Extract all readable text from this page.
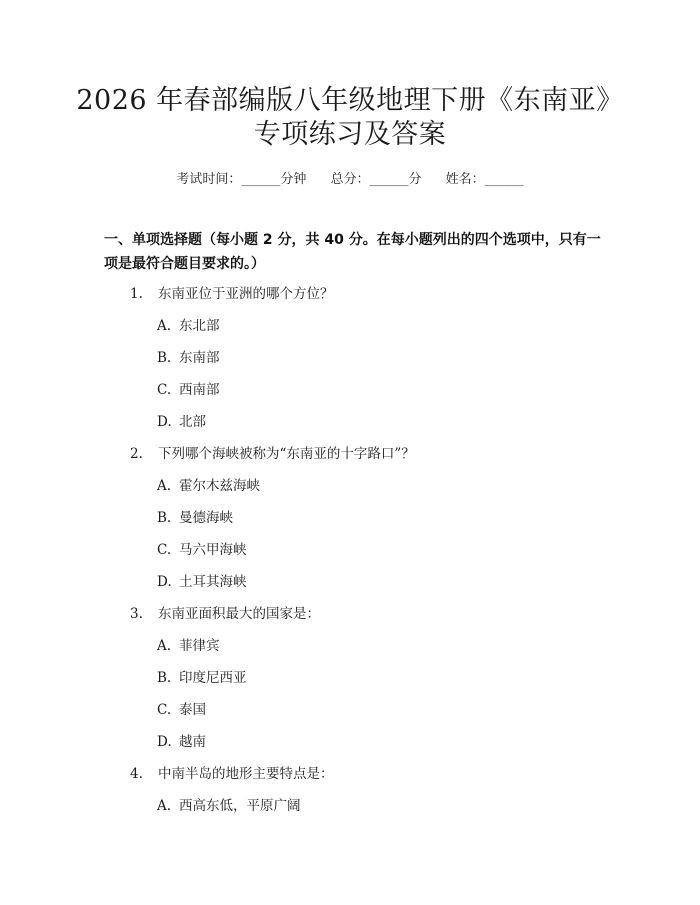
2026 年春部编版八年级地理下册《东南亚》
专项练习及答案
考试时间：______分钟 总分：______分 姓名：______
一、单项选择题（每小题 2 分，共 40 分。在每小题列出的四个选项中，只有一项是最符合题目要求的。）
1. 东南亚位于亚洲的哪个方位？
A. 东北部
B. 东南部
C. 西南部
D. 北部
2. 下列哪个海峡被称为“东南亚的十字路口”？
A. 霍尔木兹海峡
B. 曼德海峡
C. 马六甲海峡
D. 土耳其海峡
3. 东南亚面积最大的国家是：
A. 菲律宾
B. 印度尼西亚
C. 泰国
D. 越南
4. 中南半岛的地形主要特点是：
A. 西高东低，平原广阔
